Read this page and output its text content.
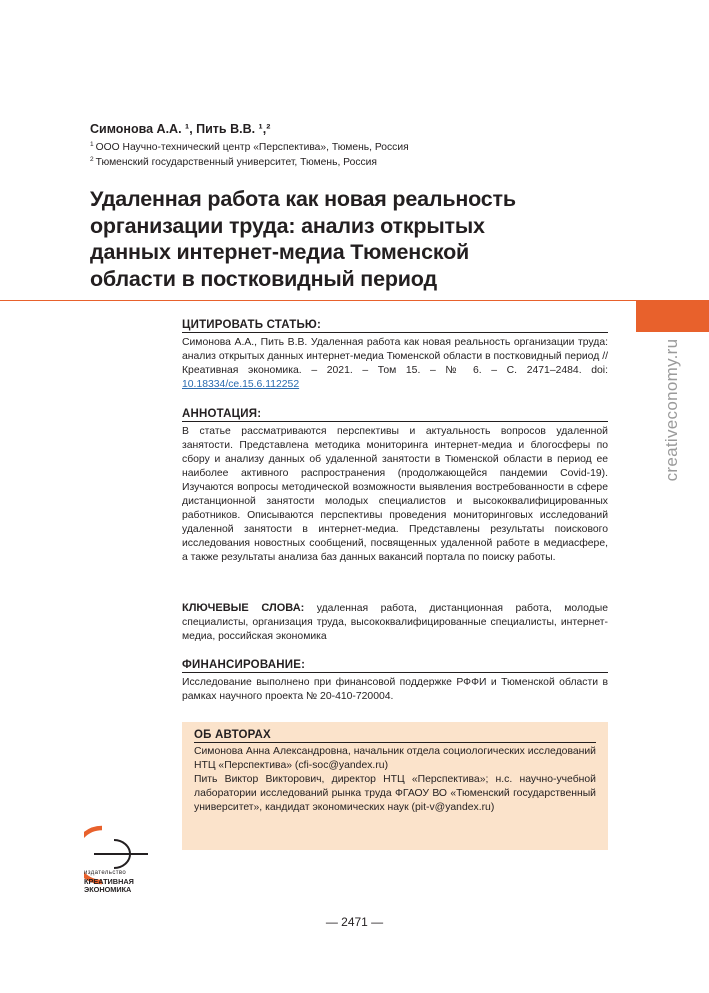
Симонова А.А. ¹, Пить В.В. ¹,²
$^1$ ООО Научно-технический центр «Перспектива», Тюмень, Россия
$^2$ Тюменский государственный университет, Тюмень, Россия
Удаленная работа как новая реальность
организации труда: анализ открытых
данных интернет-медиа Тюменской
области в постковидный период
creativeconomy.ru
ЦИТИРОВАТЬ СТАТЬЮ:
Симонова А.А., Пить В.В. Удаленная работа как новая реальность организации труда: анализ открытых данных интернет-медиа Тюменской области в постковидный период // Креативная экономика. – 2021. – Том 15. – № 6. – С. 2471–2484. doi: 10.18334/ce.15.6.112252
АННОТАЦИЯ:
В статье рассматриваются перспективы и актуальность вопросов удаленной занятости. Представлена методика мониторинга интернет-медиа и блогосферы по сбору и анализу данных об удаленной занятости в Тюменской области в период ее наиболее активного распространения (продолжающейся пандемии Covid-19). Изучаются вопросы методической возможности выявления востребованности в сфере дистанционной занятости молодых специалистов и высококвалифицированных работников. Описываются перспективы проведения мониторинговых исследований удаленной занятости в интернет-медиа. Представлены результаты поискового исследования новостных сообщений, посвященных удаленной работе в медиасфере, а также результаты анализа баз данных вакансий портала по поиску работы.
КЛЮЧЕВЫЕ СЛОВА: удаленная работа, дистанционная работа, молодые специалисты, организация труда, высококвалифицированные специалисты, интернет-медиа, российская экономика
ФИНАНСИРОВАНИЕ:
Исследование выполнено при финансовой поддержке РФФИ и Тюменской области в рамках научного проекта № 20-410-720004.
ОБ АВТОРАХ
Симонова Анна Александровна, начальник отдела социологических исследований НТЦ «Перспектива» (cfi-soc@yandex.ru)
Пить Виктор Викторович, директор НТЦ «Перспектива»; н.с. научно-учебной лаборатории исследований рынка труда ФГАОУ ВО «Тюменский государственный университет», кандидат экономических наук (pit-v@yandex.ru)
издательство
КРЕАТИВНАЯ
ЭКОНОМИКА
— 2471 —
